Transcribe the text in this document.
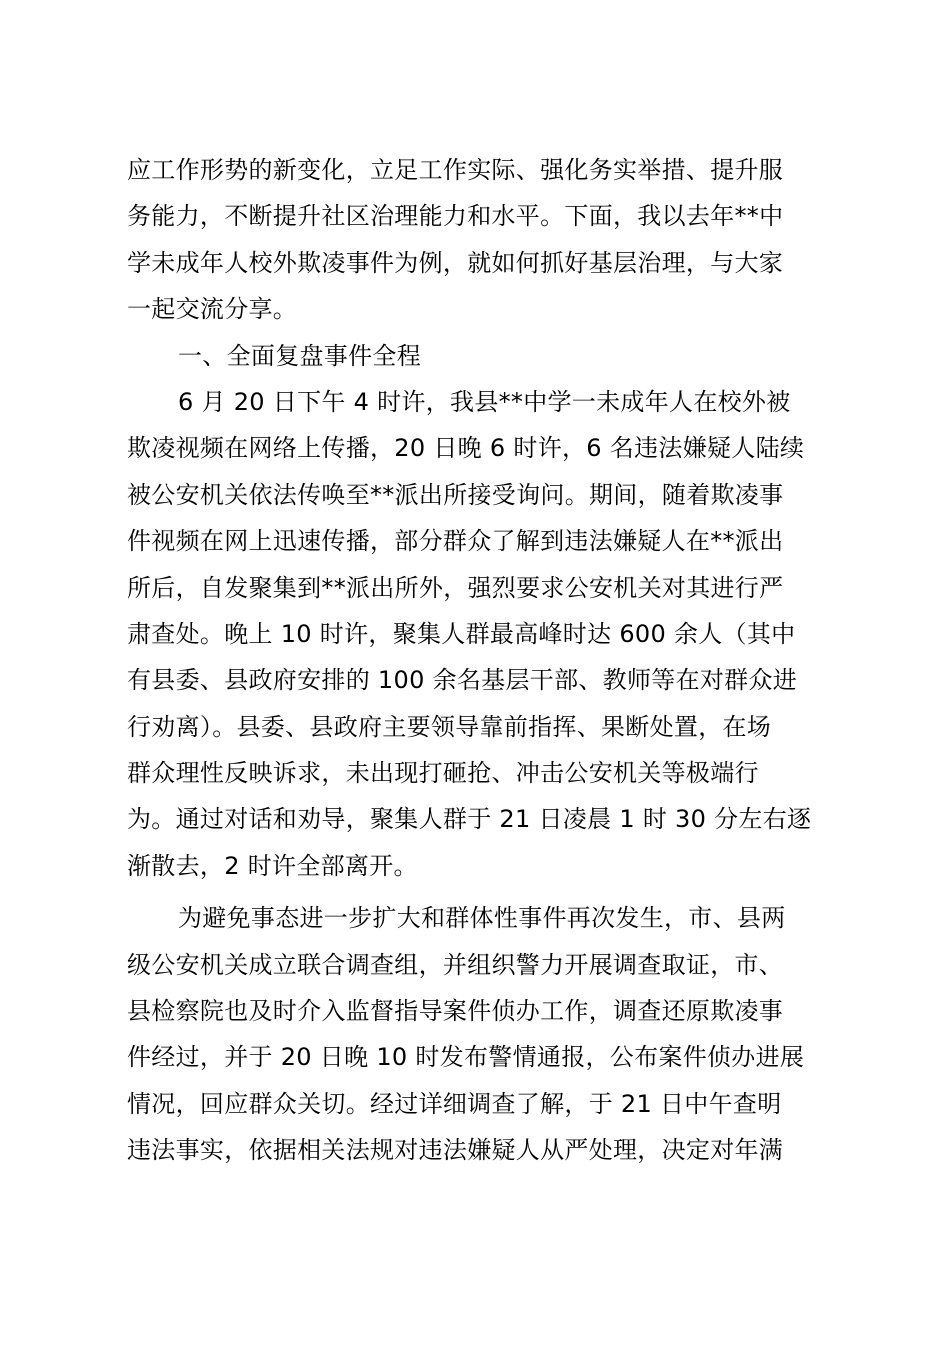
应工作形势的新变化，立足工作实际、强化务实举措、提升服
务能力，不断提升社区治理能力和水平。下面，我以去年**中
学未成年人校外欺凌事件为例，就如何抓好基层治理，与大家
一起交流分享。
一、全面复盘事件全程
6 月 20 日下午 4 时许，我县**中学一未成年人在校外被
欺凌视频在网络上传播，20 日晚 6 时许，6 名违法嫌疑人陆续
被公安机关依法传唤至**派出所接受询问。期间，随着欺凌事
件视频在网上迅速传播，部分群众了解到违法嫌疑人在**派出
所后，自发聚集到**派出所外，强烈要求公安机关对其进行严
肃查处。晚上 10 时许，聚集人群最高峰时达 600 余人（其中
有县委、县政府安排的 100 余名基层干部、教师等在对群众进
行劝离）。县委、县政府主要领导靠前指挥、果断处置，在场
群众理性反映诉求，未出现打砸抢、冲击公安机关等极端行
为。通过对话和劝导，聚集人群于 21 日凌晨 1 时 30 分左右逐
渐散去，2 时许全部离开。
为避免事态进一步扩大和群体性事件再次发生，市、县两
级公安机关成立联合调查组，并组织警力开展调查取证，市、
县检察院也及时介入监督指导案件侦办工作，调查还原欺凌事
件经过，并于 20 日晚 10 时发布警情通报，公布案件侦办进展
情况，回应群众关切。经过详细调查了解，于 21 日中午查明
违法事实，依据相关法规对违法嫌疑人从严处理，决定对年满
